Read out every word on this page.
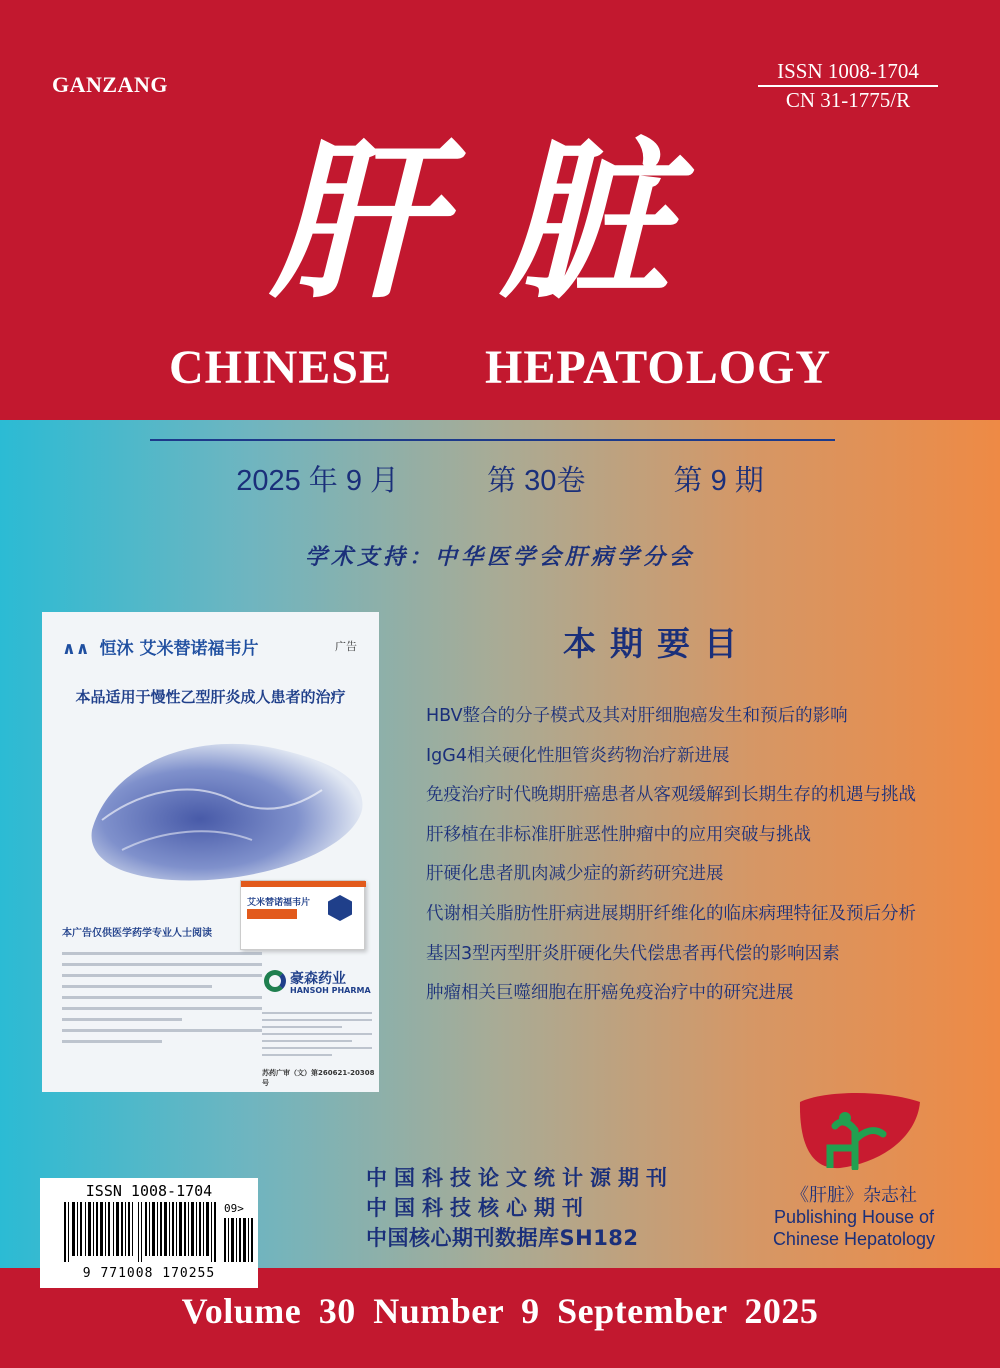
GANZANG
ISSN 1008-1704
CN 31-1775/R
肝脏
CHINESE HEPATOLOGY
2025 年 9 月	第 30卷	第 9 期
学术支持：中华医学会肝病学分会
∧∧ 恒沐 艾米替诺福韦片	广告
本品适用于慢性乙型肝炎成人患者的治疗
艾米替诺福韦片
本广告仅供医学药学专业人士阅读
豪森药业
HANSOH PHARMA
苏药广审（文）第260621-20308号
本期要目
HBV整合的分子模式及其对肝细胞癌发生和预后的影响
IgG4相关硬化性胆管炎药物治疗新进展
免疫治疗时代晚期肝癌患者从客观缓解到长期生存的机遇与挑战
肝移植在非标准肝脏恶性肿瘤中的应用突破与挑战
肝硬化患者肌肉减少症的新药研究进展
代谢相关脂肪性肝病进展期肝纤维化的临床病理特征及预后分析
基因3型丙型肝炎肝硬化失代偿患者再代偿的影响因素
肿瘤相关巨噬细胞在肝癌免疫治疗中的研究进展
ISSN 1008-1704
09>
9 771008 170255
中国科技论文统计源期刊
中国科技核心期刊
中国核心期刊数据库SH182
《肝脏》杂志社
Publishing House of
Chinese Hepatology
Volume 30 Number 9 September 2025
